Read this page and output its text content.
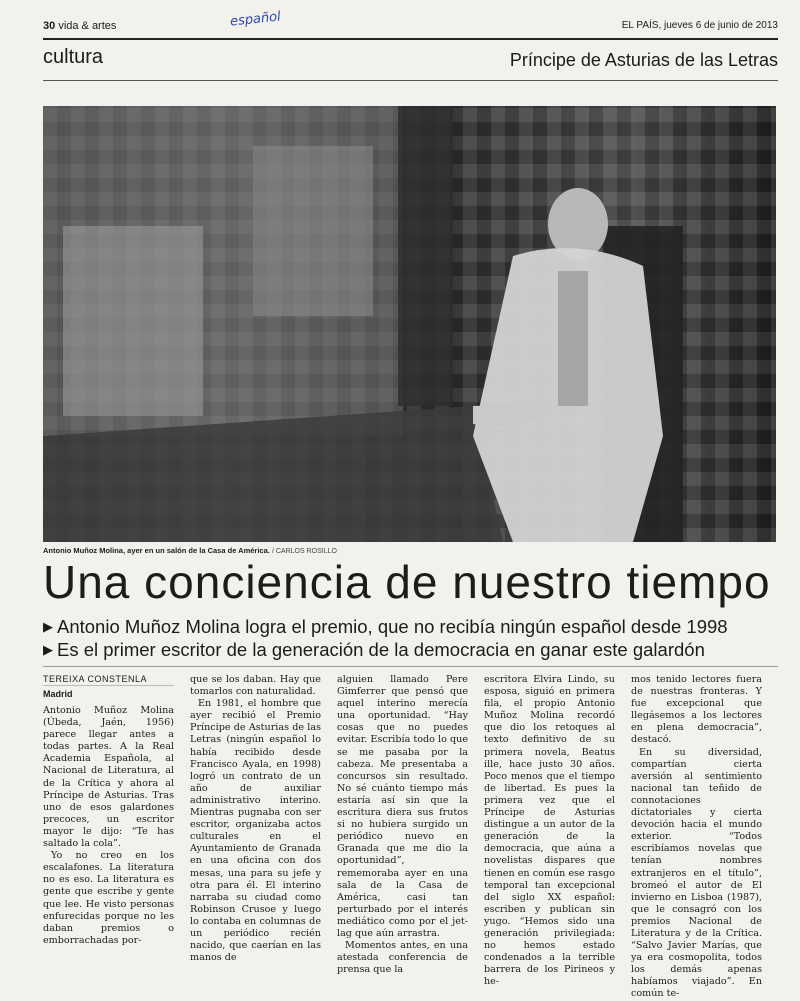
30 vida & artes	español	EL PAÍS, jueves 6 de junio de 2013
cultura	Príncipe de Asturias de las Letras
Antonio Muñoz Molina, ayer en un salón de la Casa de América. / CARLOS ROSILLO
Una conciencia de nuestro tiempo
▶ Antonio Muñoz Molina logra el premio, que no recibía ningún español desde 1998
▶ Es el primer escritor de la generación de la democracia en ganar este galardón
TEREIXA CONSTENLA
Madrid

Antonio Muñoz Molina (Úbeda, Jaén, 1956) parece llegar antes a todas partes. A la Real Academia Española, al Nacional de Literatura, al de la Crítica y ahora al Príncipe de Asturias. Tras uno de esos galardones precoces, un escritor mayor le dijo: “Te has saltado la cola”.

Yo no creo en los escalafones. La literatura no es eso. La literatura es gente que escribe y gente que lee. He visto personas enfurecidas porque no les daban premios o emborrachadas por-

que se los daban. Hay que tomarlos con naturalidad.

En 1981, el hombre que ayer recibió el Premio Príncipe de Asturias de las Letras (ningún español lo había recibido desde Francisco Ayala, en 1998) logró un contrato de un año de auxiliar administrativo interino. Mientras pugnaba con ser escritor, organizaba actos culturales en el Ayuntamiento de Granada en una oficina con dos mesas, una para su jefe y otra para él. El interino narraba su ciudad como Robinson Crusoe y luego lo contaba en columnas de un periódico recién nacido, que caerían en las manos de

alguien llamado Pere Gimferrer que pensó que aquel interino merecía una oportunidad. “Hay cosas que no puedes evitar. Escribía todo lo que se me pasaba por la cabeza. Me presentaba a concursos sin resultado. No sé cuánto tiempo más estaría así sin que la escritura diera sus frutos si no hubiera surgido un periódico nuevo en Granada que me dio la oportunidad”, rememoraba ayer en una sala de la Casa de América, casi tan perturbado por el interés mediático como por el jet-lag que aún arrastra.

Momentos antes, en una atestada conferencia de prensa que la

escritora Elvira Lindo, su esposa, siguió en primera fila, el propio Antonio Muñoz Molina recordó que dio los retoques al texto definitivo de su primera novela, Beatus ille, hace justo 30 años. Poco menos que el tiempo de libertad. Es pues la primera vez que el Príncipe de Asturias distingue a un autor de la generación de la democracia, que aúna a novelistas dispares que tienen en común ese rasgo temporal tan excepcional del siglo XX español: escriben y publican sin yugo. “Hemos sido una generación privilegiada: no hemos estado condenados a la terrible barrera de los Pirineos y he-

mos tenido lectores fuera de nuestras fronteras. Y fue excepcional que llegásemos a los lectores en plena democracia”, destacó.

En su diversidad, compartían cierta aversión al sentimiento nacional tan teñido de connotaciones dictatoriales y cierta devoción hacia el mundo exterior. “Todos escribíamos novelas que tenían nombres extranjeros en el título”, bromeó el autor de El invierno en Lisboa (1987), que le consagró con los premios Nacional de Literatura y de la Crítica. “Salvo Javier Marías, que ya era cosmopolita, todos los demás apenas habíamos viajado”. En común te-
